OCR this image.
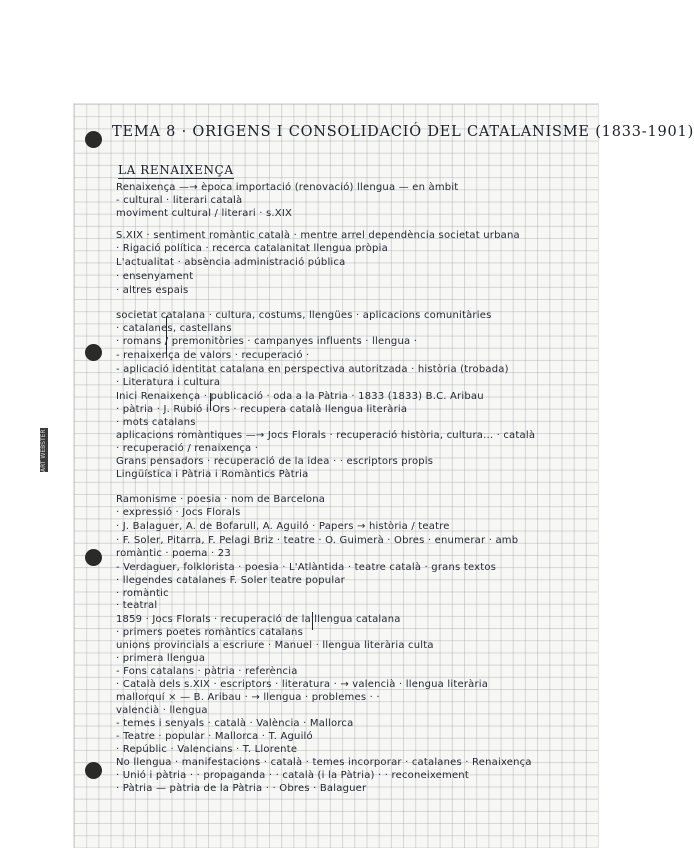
ART WEBSTER
TEMA 8 · ORIGENS I CONSOLIDACIÓ DEL CATALANISME (1833-1901)
LA RENAIXENÇA
Renaixença —→ època importació (renovació) llengua — en àmbit
- cultural · literari català
moviment cultural / literari · s.XIX
S.XIX · sentiment romàntic català · mentre arrel dependència societat urbana
· Rigació política · recerca catalanitat llengua pròpia
L'actualitat · absència administració pública
· ensenyament
· altres espais
societat catalana · cultura, costums, llengües · aplicacions comunitàries
· catalanes, castellans
· romans / premonitòries · campanyes influents · llengua ·
- renaixença de valors · recuperació ·
- aplicació identitat catalana en perspectiva autoritzada · història (trobada)
· Literatura i cultura
Inici Renaixença · publicació · oda a la Pàtria · 1833 (1833) B.C. Aribau
· pàtria · J. Rubió i Ors · recupera català llengua literària
· mots catalans
aplicacions romàntiques —→ Jocs Florals · recuperació història, cultura... · català
· recuperació / renaixença ·
Grans pensadors · recuperació de la idea · · escriptors propis
Lingüística i Pàtria i Romàntics Pàtria
Ramonisme · poesia · nom de Barcelona
· expressió · Jocs Florals
· J. Balaguer, A. de Bofarull, A. Aguiló · Papers → història / teatre
· F. Soler, Pitarra, F. Pelagi Briz · teatre · O. Guimerà · Obres · enumerar · amb
romàntic · poema · 23
- Verdaguer, folklorista · poesia · L'Atlàntida · teatre català · grans textos
· llegendes catalanes F. Soler teatre popular
· romàntic
· teatral
1859 · Jocs Florals · recuperació de la llengua catalana
· primers poetes romàntics catalans
unions provincials a escriure · Manuel · llengua literària culta
· primera llengua
- Fons catalans · pàtria · referència
· Català dels s.XIX · escriptors · literatura · → valencià · llengua literària
mallorquí × — B. Aribau · → llengua · problemes · ·
valencià · llengua
- temes i senyals · català · València · Mallorca
- Teatre · popular · Mallorca · T. Aguiló
· Repúblic · Valencians · T. Llorente
No llengua · manifestacions · català · temes incorporar · catalanes · Renaixença
· Unió i pàtria · · propaganda · · català (i la Pàtria) · · reconeixement
· Pàtria — pàtria de la Pàtria · · Obres · Balaguer
